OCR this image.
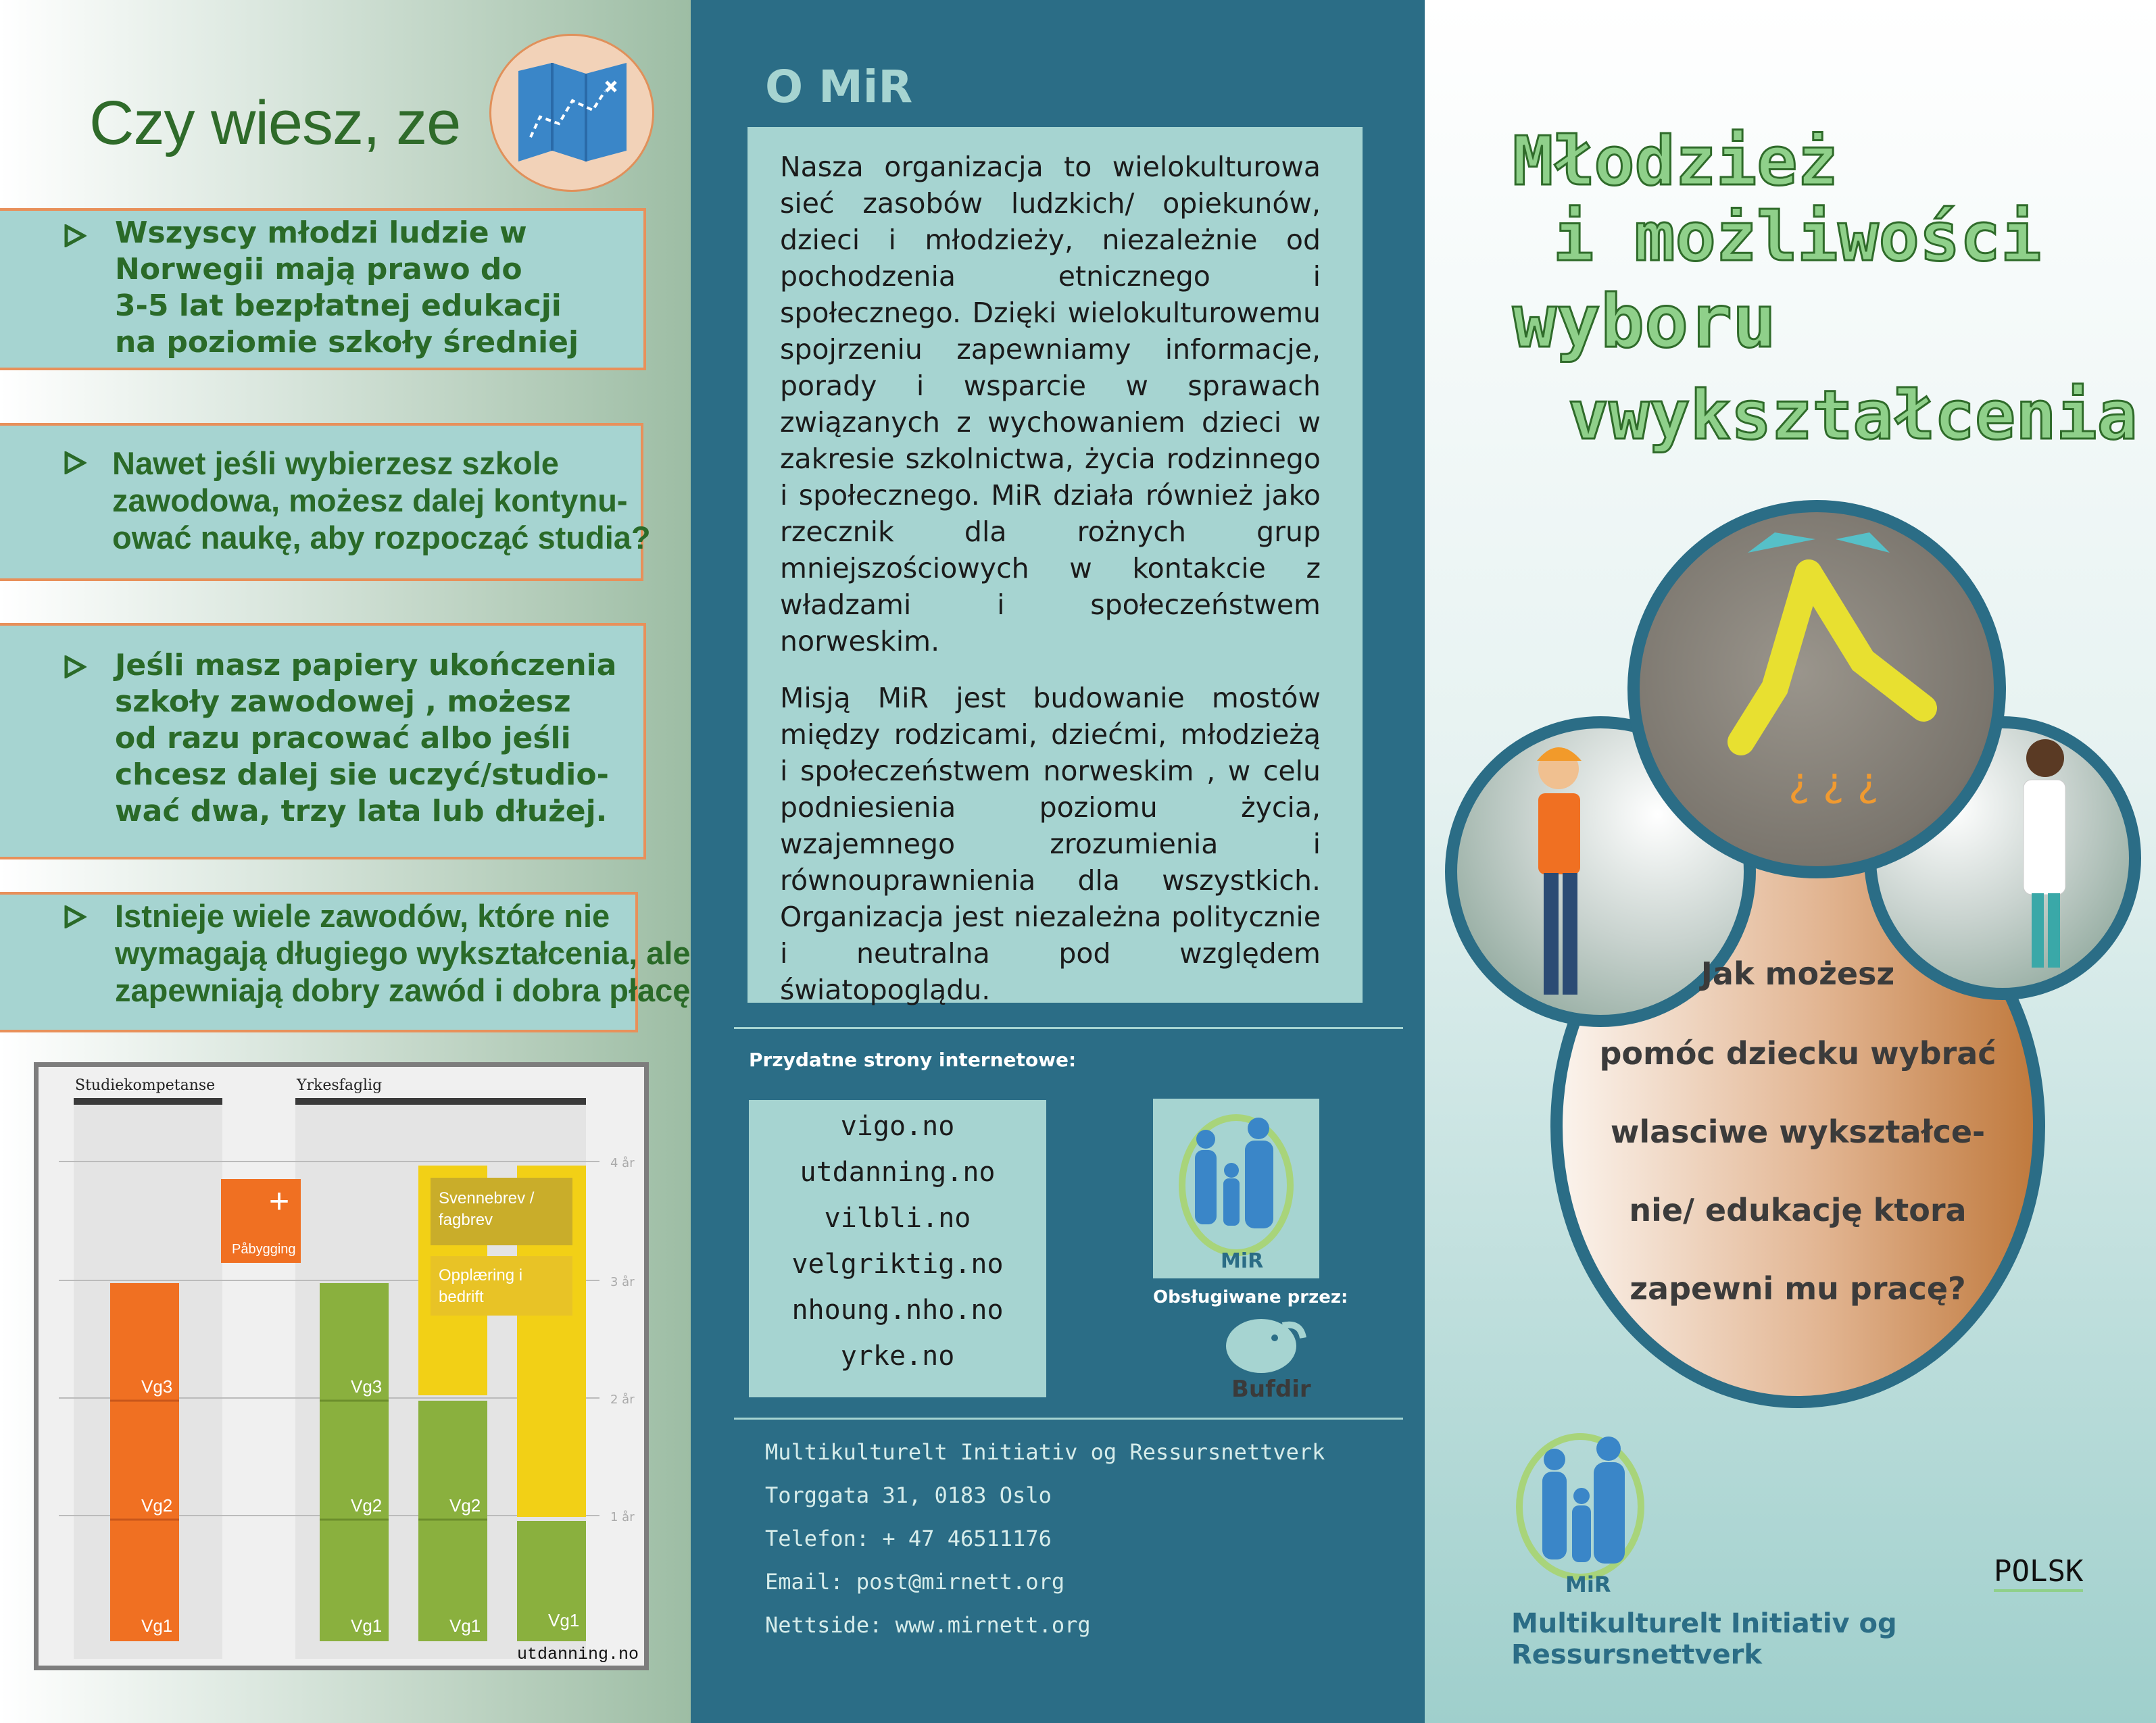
Czy wiesz, ze
Wszyscy młodzi ludzie w
Norwegii mają prawo do
3-5 lat bezpłatnej edukacji
na poziomie szkoły średniej
Nawet jeśli wybierzesz szkole
zawodowa, możesz dalej kontynu-
ować naukę, aby rozpocząć studia?
Jeśli masz papiery ukończenia
szkoły zawodowej , możesz
od razu pracować albo jeśli
chcesz dalej sie uczyć/studio-
wać dwa, trzy lata lub dłużej.
Istnieje wiele zawodów, które nie
wymagają długiego wykształcenia, ale
zapewniają dobry zawód i dobra płacę
Studiekompetanse	Yrkesfaglig
4 år
3 år
2 år
1 år
Vg3
Vg2
Vg1
+
Påbygging
Vg3
Vg2
Vg1
Vg2
Vg1	Vg1
Svennebrev /
fagbrev
Opplæring i
bedrift
utdanning.no
O MiR
Nasza organizacja to wielokulturowa sieć zasobów ludzkich/ opiekunów, dzieci i młodzieży, niezależnie od pochodzenia etnicznego i społecznego. Dzięki wielokulturowemu spojrzeniu zapewniamy informacje, porady i wsparcie w sprawach związanych z wychowaniem dzieci w zakresie szkolnictwa, życia rodzinnego i społecznego. MiR działa również jako rzecznik dla rożnych grup mniejszościowych w kontakcie z władzami i społeczeństwem norweskim.
Misją MiR jest budowanie mostów między rodzicami, dziećmi, młodzieżą i społeczeństwem norweskim , w celu podniesienia poziomu życia, wzajemnego zrozumienia i równouprawnienia dla wszystkich. Organizacja jest niezależna politycznie i neutralna pod względem światopoglądu.
Przydatne strony internetowe:
vigo.no
utdanning.no
vilbli.no
velgriktig.no
nhoung.nho.no
yrke.no
MiR
Obsługiwane przez:
Bufdir
Multikulturelt Initiativ og Ressursnettverk
Torggata 31, 0183 Oslo
Telefon: + 47 46511176
Email: post@mirnett.org
Nettside: www.mirnett.org
Młodzież
i możliwości
wyboru
vwykształcenia
¿ ¿ ¿
Jak możesz
pomóc dziecku wybrać
wlasciwe wykształce-
nie/ edukację ktora
zapewni mu pracę?
MiR	POLSK
Multikulturelt Initiativ og Ressursnettverk
